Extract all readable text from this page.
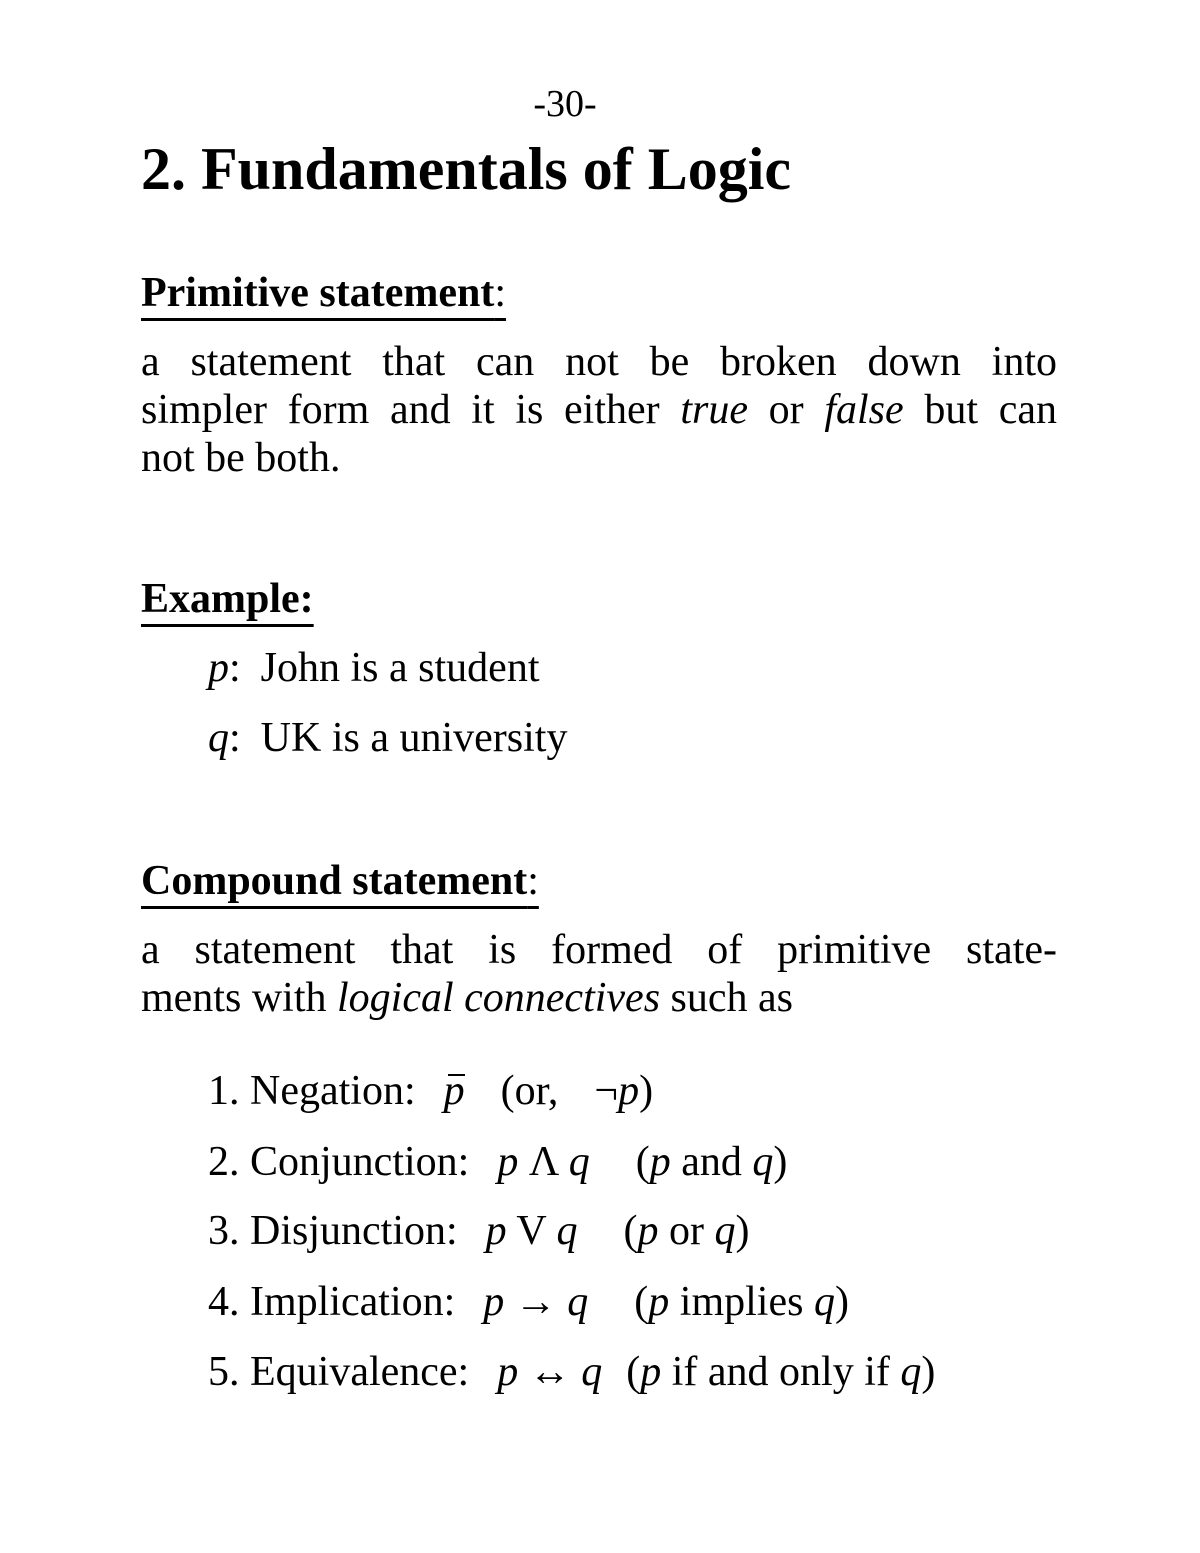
-30-
2. Fundamentals of Logic
Primitive statement:
a statement that can not be broken down into
simpler form and it is either true or false but can
not be both.
Example:
p: John is a student
q: UK is a university
Compound statement:
a statement that is formed of primitive state-
ments with logical connectives such as
1. Negation: p (or, ¬p)
2. Conjunction: p Λ q (p and q)
3. Disjunction: p V q (p or q)
4. Implication: p → q (p implies q)
5. Equivalence: p ↔ q (p if and only if q)
